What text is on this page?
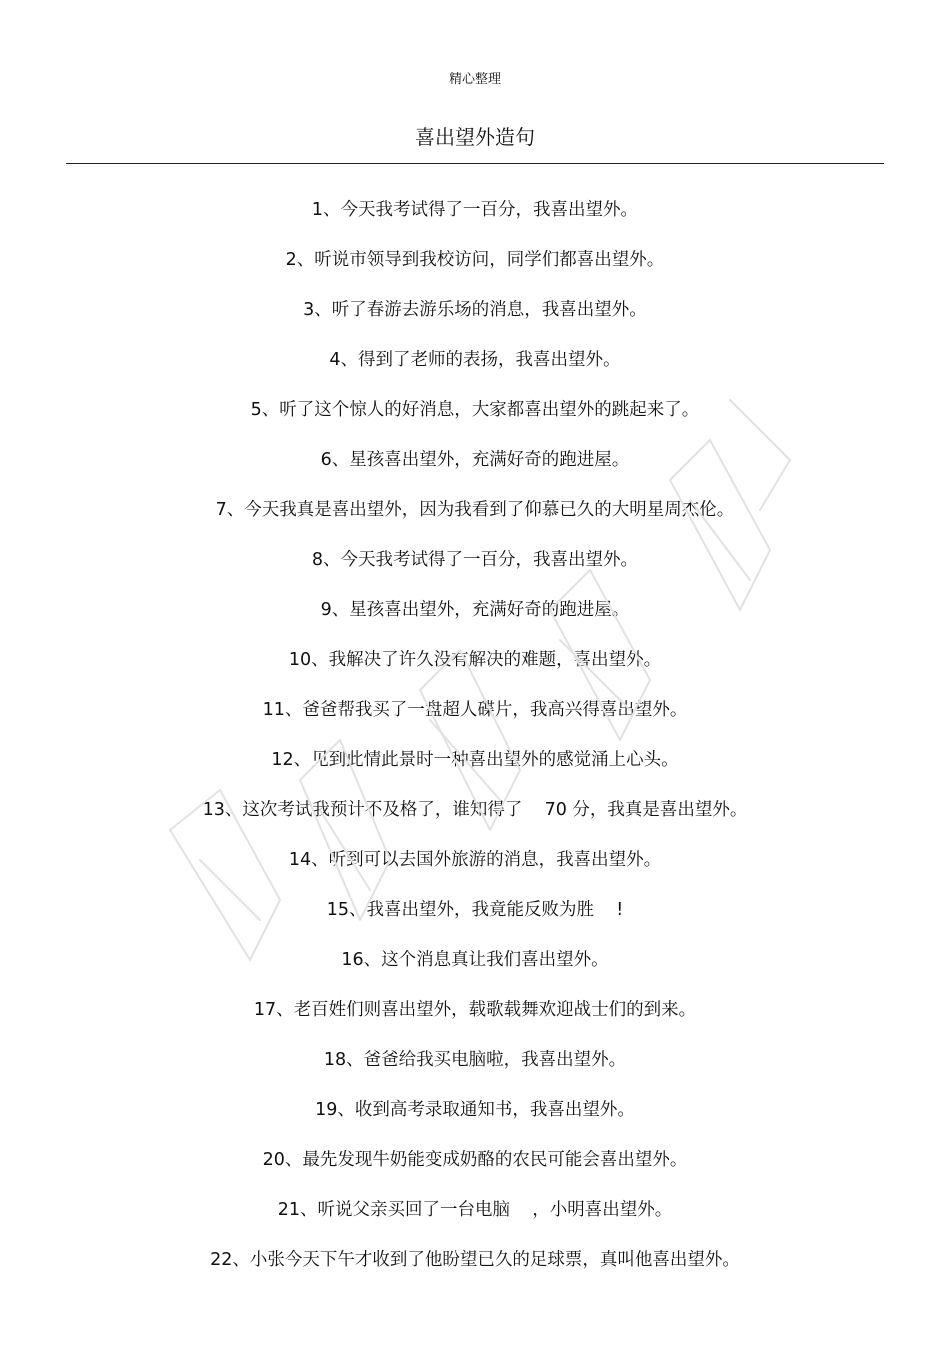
精心整理
喜出望外造句
1、今天我考试得了一百分，我喜出望外。
2、听说市领导到我校访问，同学们都喜出望外。
3、听了春游去游乐场的消息，我喜出望外。
4、得到了老师的表扬，我喜出望外。
5、听了这个惊人的好消息，大家都喜出望外的跳起来了。
6、星孩喜出望外，充满好奇的跑进屋。
7、今天我真是喜出望外，因为我看到了仰慕已久的大明星周杰伦。
8、今天我考试得了一百分，我喜出望外。
9、星孩喜出望外，充满好奇的跑进屋。
10、我解决了许久没有解决的难题，喜出望外。
11、爸爸帮我买了一盘超人碟片，我高兴得喜出望外。
12、见到此情此景时一种喜出望外的感觉涌上心头。
13、这次考试我预计不及格了，谁知得了    70 分，我真是喜出望外。
14、听到可以去国外旅游的消息，我喜出望外。
15、我喜出望外，我竟能反败为胜    !
16、这个消息真让我们喜出望外。
17、老百姓们则喜出望外，载歌载舞欢迎战士们的到来。
18、爸爸给我买电脑啦，我喜出望外。
19、收到高考录取通知书，我喜出望外。
20、最先发现牛奶能变成奶酪的农民可能会喜出望外。
21、听说父亲买回了一台电脑    ，小明喜出望外。
22、小张今天下午才收到了他盼望已久的足球票，真叫他喜出望外。
